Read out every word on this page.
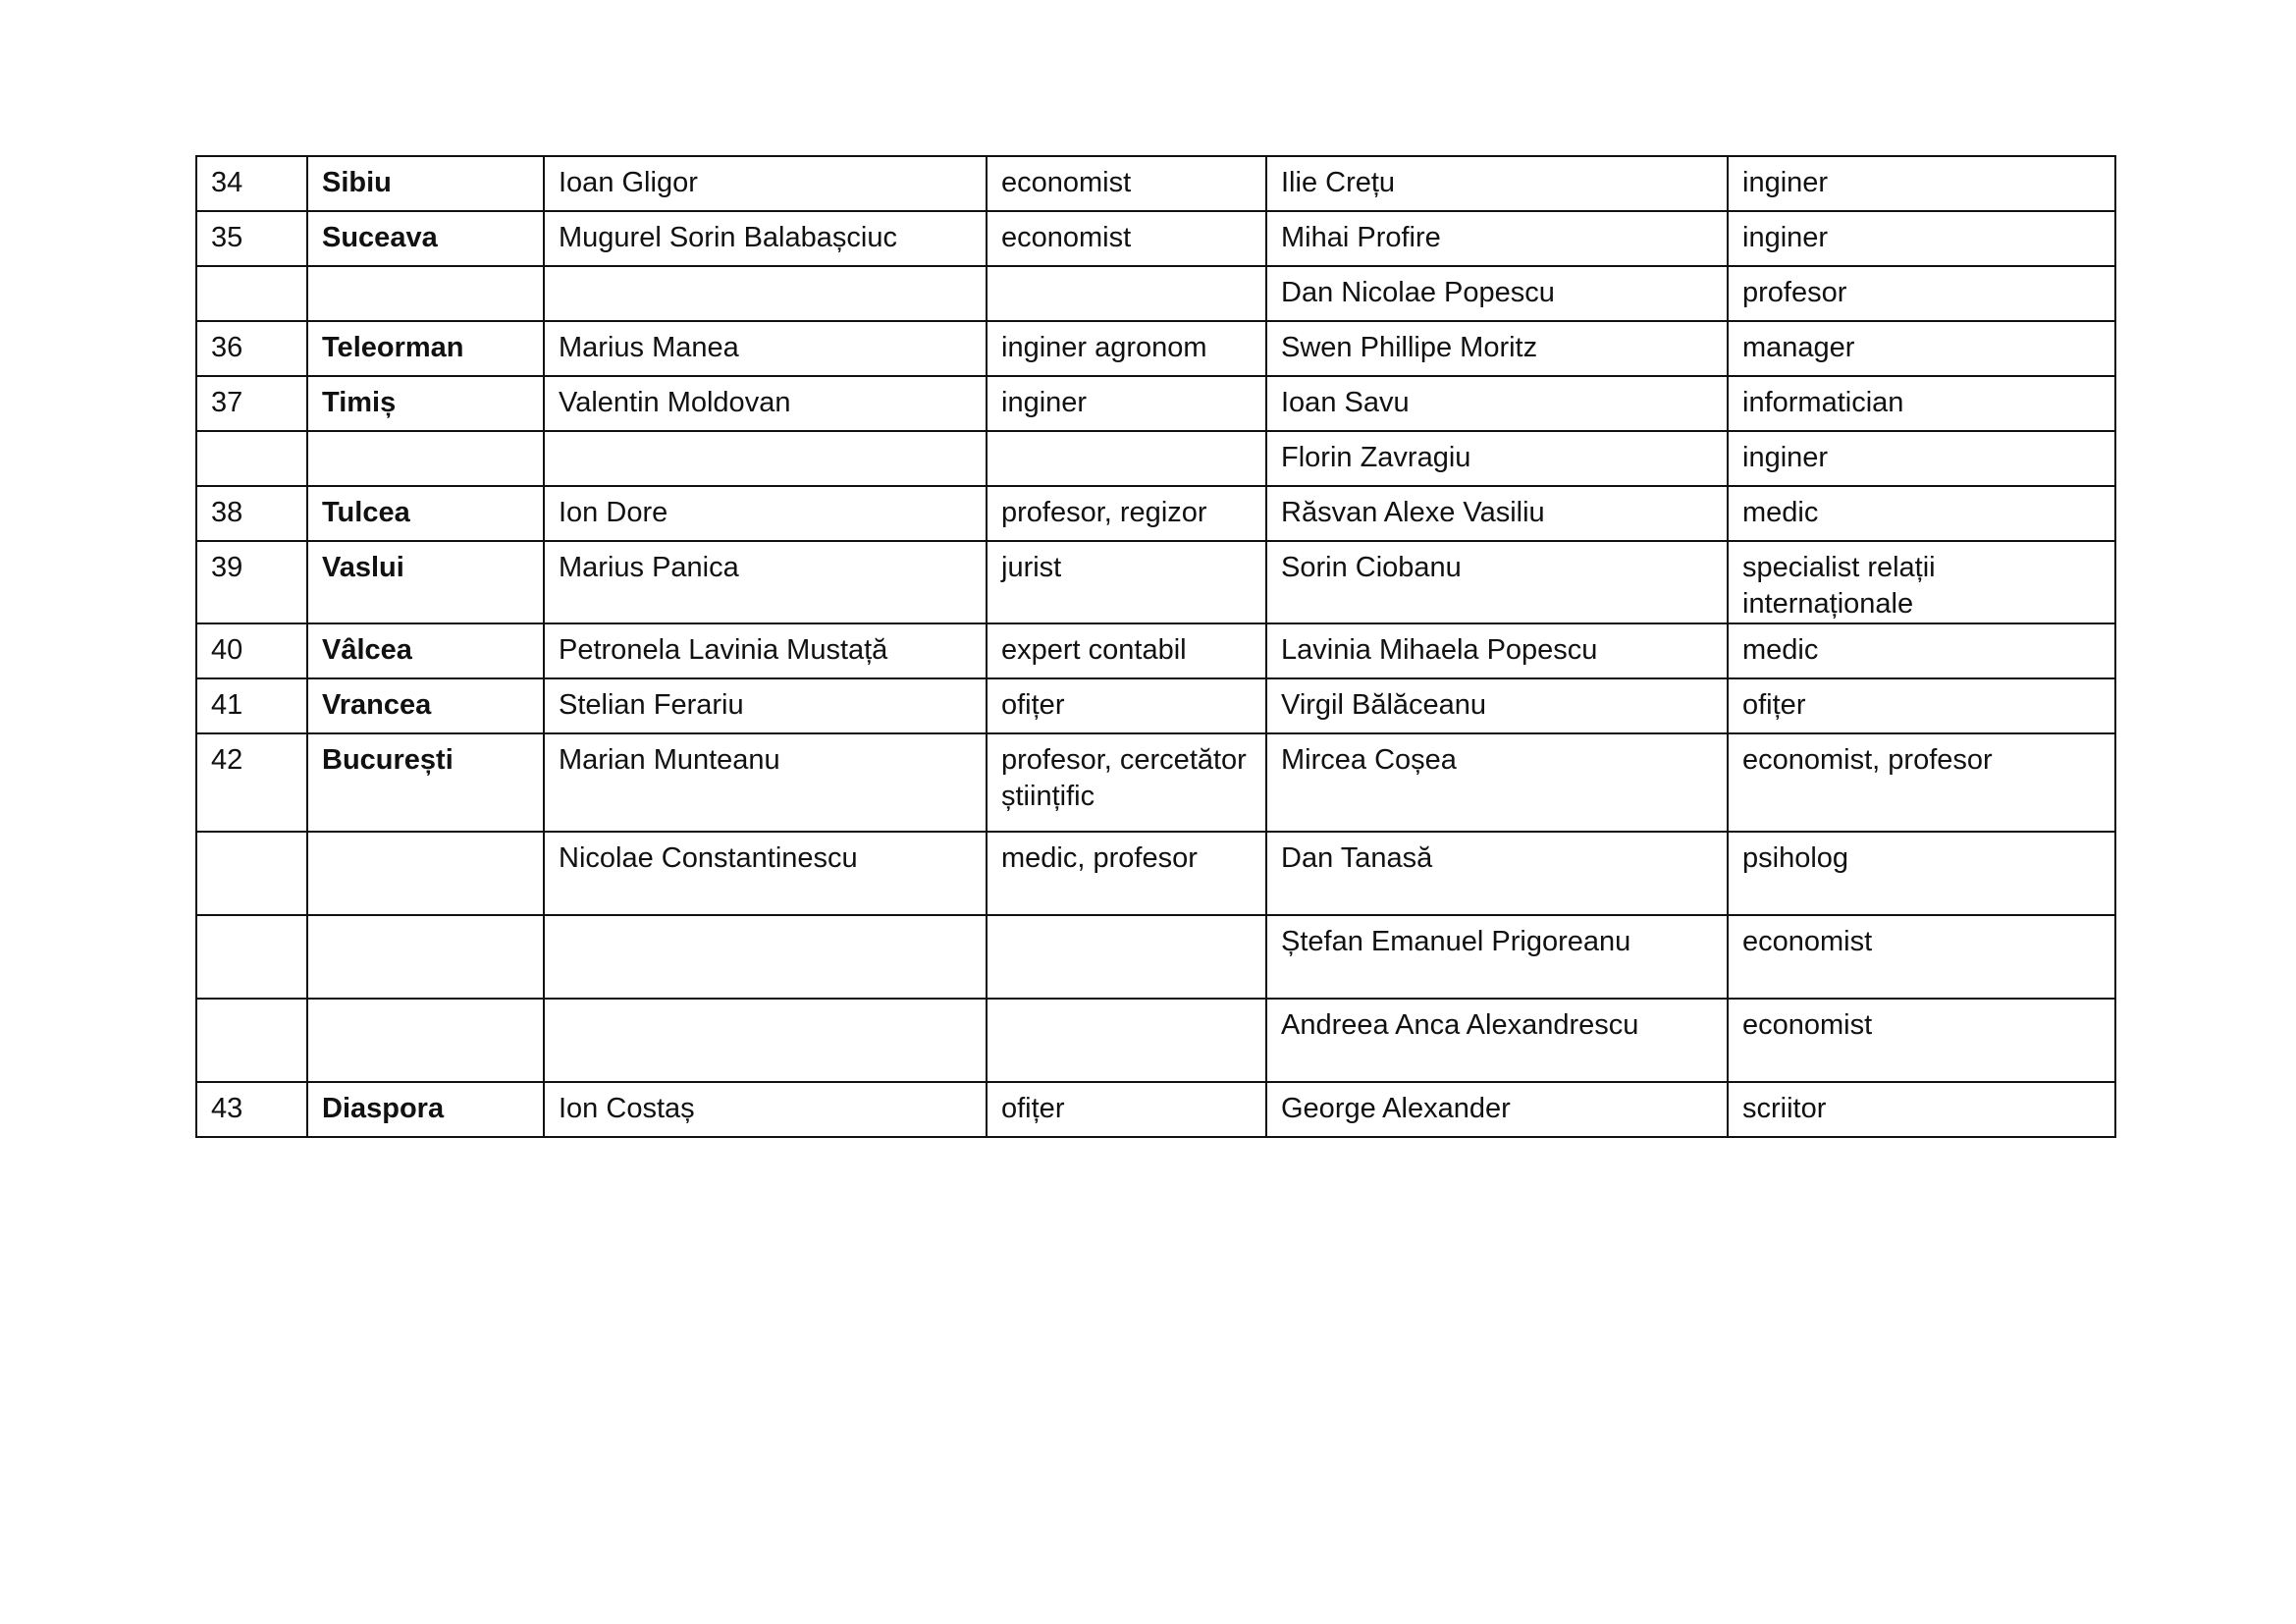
34	Sibiu	Ioan Gligor	economist	Ilie Crețu	inginer
35	Suceava	Mugurel Sorin Balabașciuc	economist	Mihai Profire	inginer
				Dan Nicolae Popescu	profesor
36	Teleorman	Marius Manea	inginer agronom	Swen Phillipe Moritz	manager
37	Timiș	Valentin Moldovan	inginer	Ioan Savu	informatician
				Florin Zavragiu	inginer
38	Tulcea	Ion Dore	profesor, regizor	Răsvan Alexe Vasiliu	medic
39	Vaslui	Marius Panica	jurist	Sorin Ciobanu	specialist relații internaționale
40	Vâlcea	Petronela Lavinia Mustață	expert contabil	Lavinia Mihaela Popescu	medic
41	Vrancea	Stelian Ferariu	ofițer	Virgil Bălăceanu	ofițer
42	București	Marian Munteanu	profesor, cercetător științific	Mircea Coșea	economist, profesor
		Nicolae Constantinescu	medic, profesor	Dan Tanasă	psiholog
				Ștefan Emanuel Prigoreanu	economist
				Andreea Anca Alexandrescu	economist
43	Diaspora	Ion Costaș	ofițer	George Alexander	scriitor
